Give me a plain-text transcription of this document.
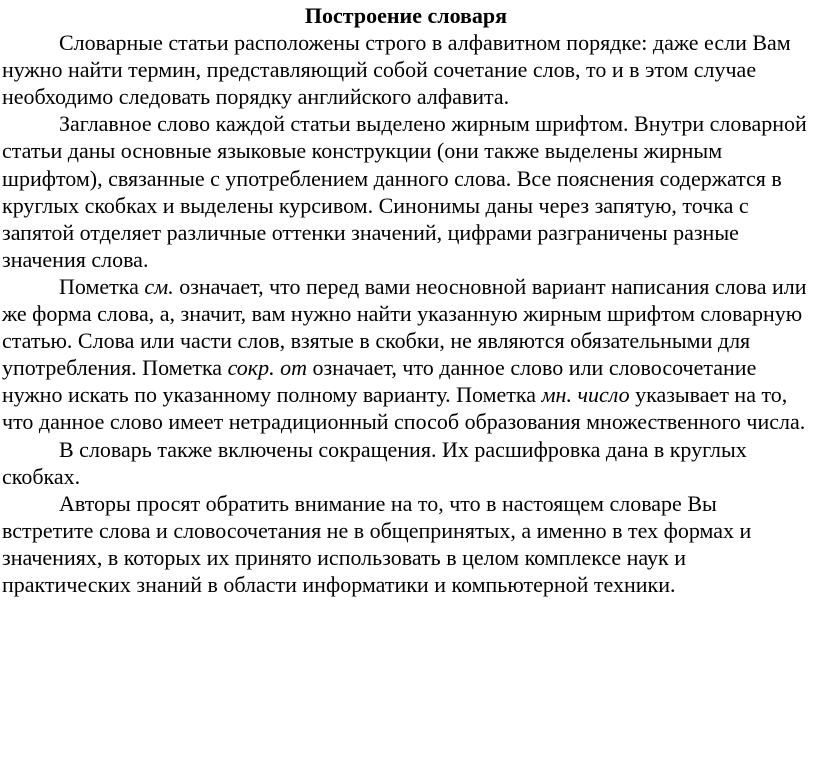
Построение словаря

Словарные статьи расположены строго в алфавитном порядке: даже если Вам нужно найти термин, представляющий собой сочетание слов, то и в этом случае необходимо следовать порядку английского алфавита.

Заглавное слово каждой статьи выделено жирным шрифтом. Внутри словарной статьи даны основные языковые конструкции (они также выделены жирным шрифтом), связанные с употреблением данного слова. Все пояснения содержатся в круглых скобках и выделены курсивом. Синонимы даны через запятую, точка с запятой отделяет различные оттенки значений, цифрами разграничены разные значения слова.

Пометка см. означает, что перед вами неосновной вариант написания слова или же форма слова, а, значит, вам нужно найти указанную жирным шрифтом словарную статью. Слова или части слов, взятые в скобки, не являются обязательными для употребления. Пометка сокр. от означает, что данное слово или словосочетание нужно искать по указанному полному варианту. Пометка мн. число указывает на то, что данное слово имеет нетрадиционный способ образования множественного числа.

В словарь также включены сокращения. Их расшифровка дана в круглых скобках.

Авторы просят обратить внимание на то, что в настоящем словаре Вы встретите слова и словосочетания не в общепринятых, а именно в тех формах и значениях, в которых их принято использовать в целом комплексе наук и практических знаний в области информатики и компьютерной техники.
